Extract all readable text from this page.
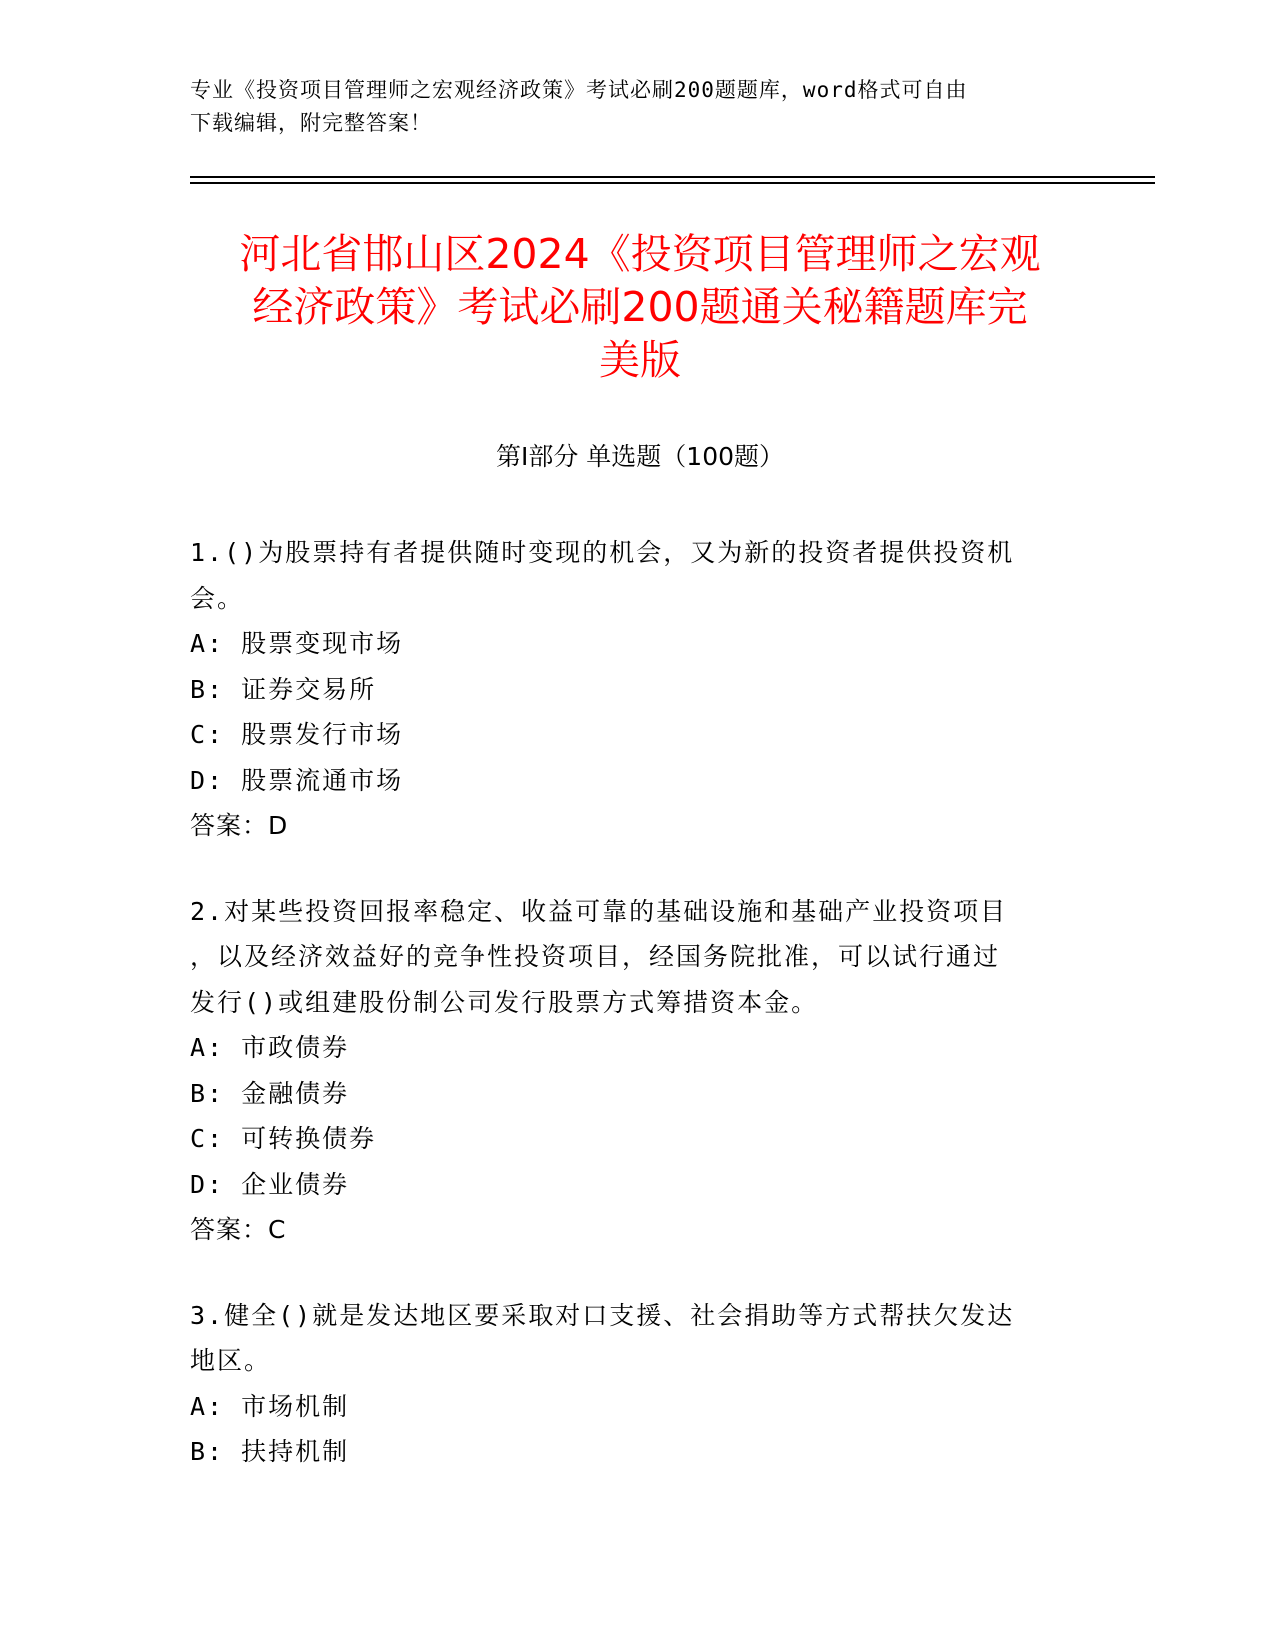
专业《投资项目管理师之宏观经济政策》考试必刷200题题库，word格式可自由
下载编辑，附完整答案！
河北省邯山区2024《投资项目管理师之宏观
经济政策》考试必刷200题通关秘籍题库完
美版
第Ⅰ部分 单选题（100题）
1.()为股票持有者提供随时变现的机会，又为新的投资者提供投资机
会。
A: 股票变现市场
B: 证券交易所
C: 股票发行市场
D: 股票流通市场
答案：D
2.对某些投资回报率稳定、收益可靠的基础设施和基础产业投资项目
，以及经济效益好的竞争性投资项目，经国务院批准，可以试行通过
发行()或组建股份制公司发行股票方式筹措资本金。
A: 市政债券
B: 金融债券
C: 可转换债券
D: 企业债券
答案：C
3.健全()就是发达地区要采取对口支援、社会捐助等方式帮扶欠发达
地区。
A: 市场机制
B: 扶持机制
